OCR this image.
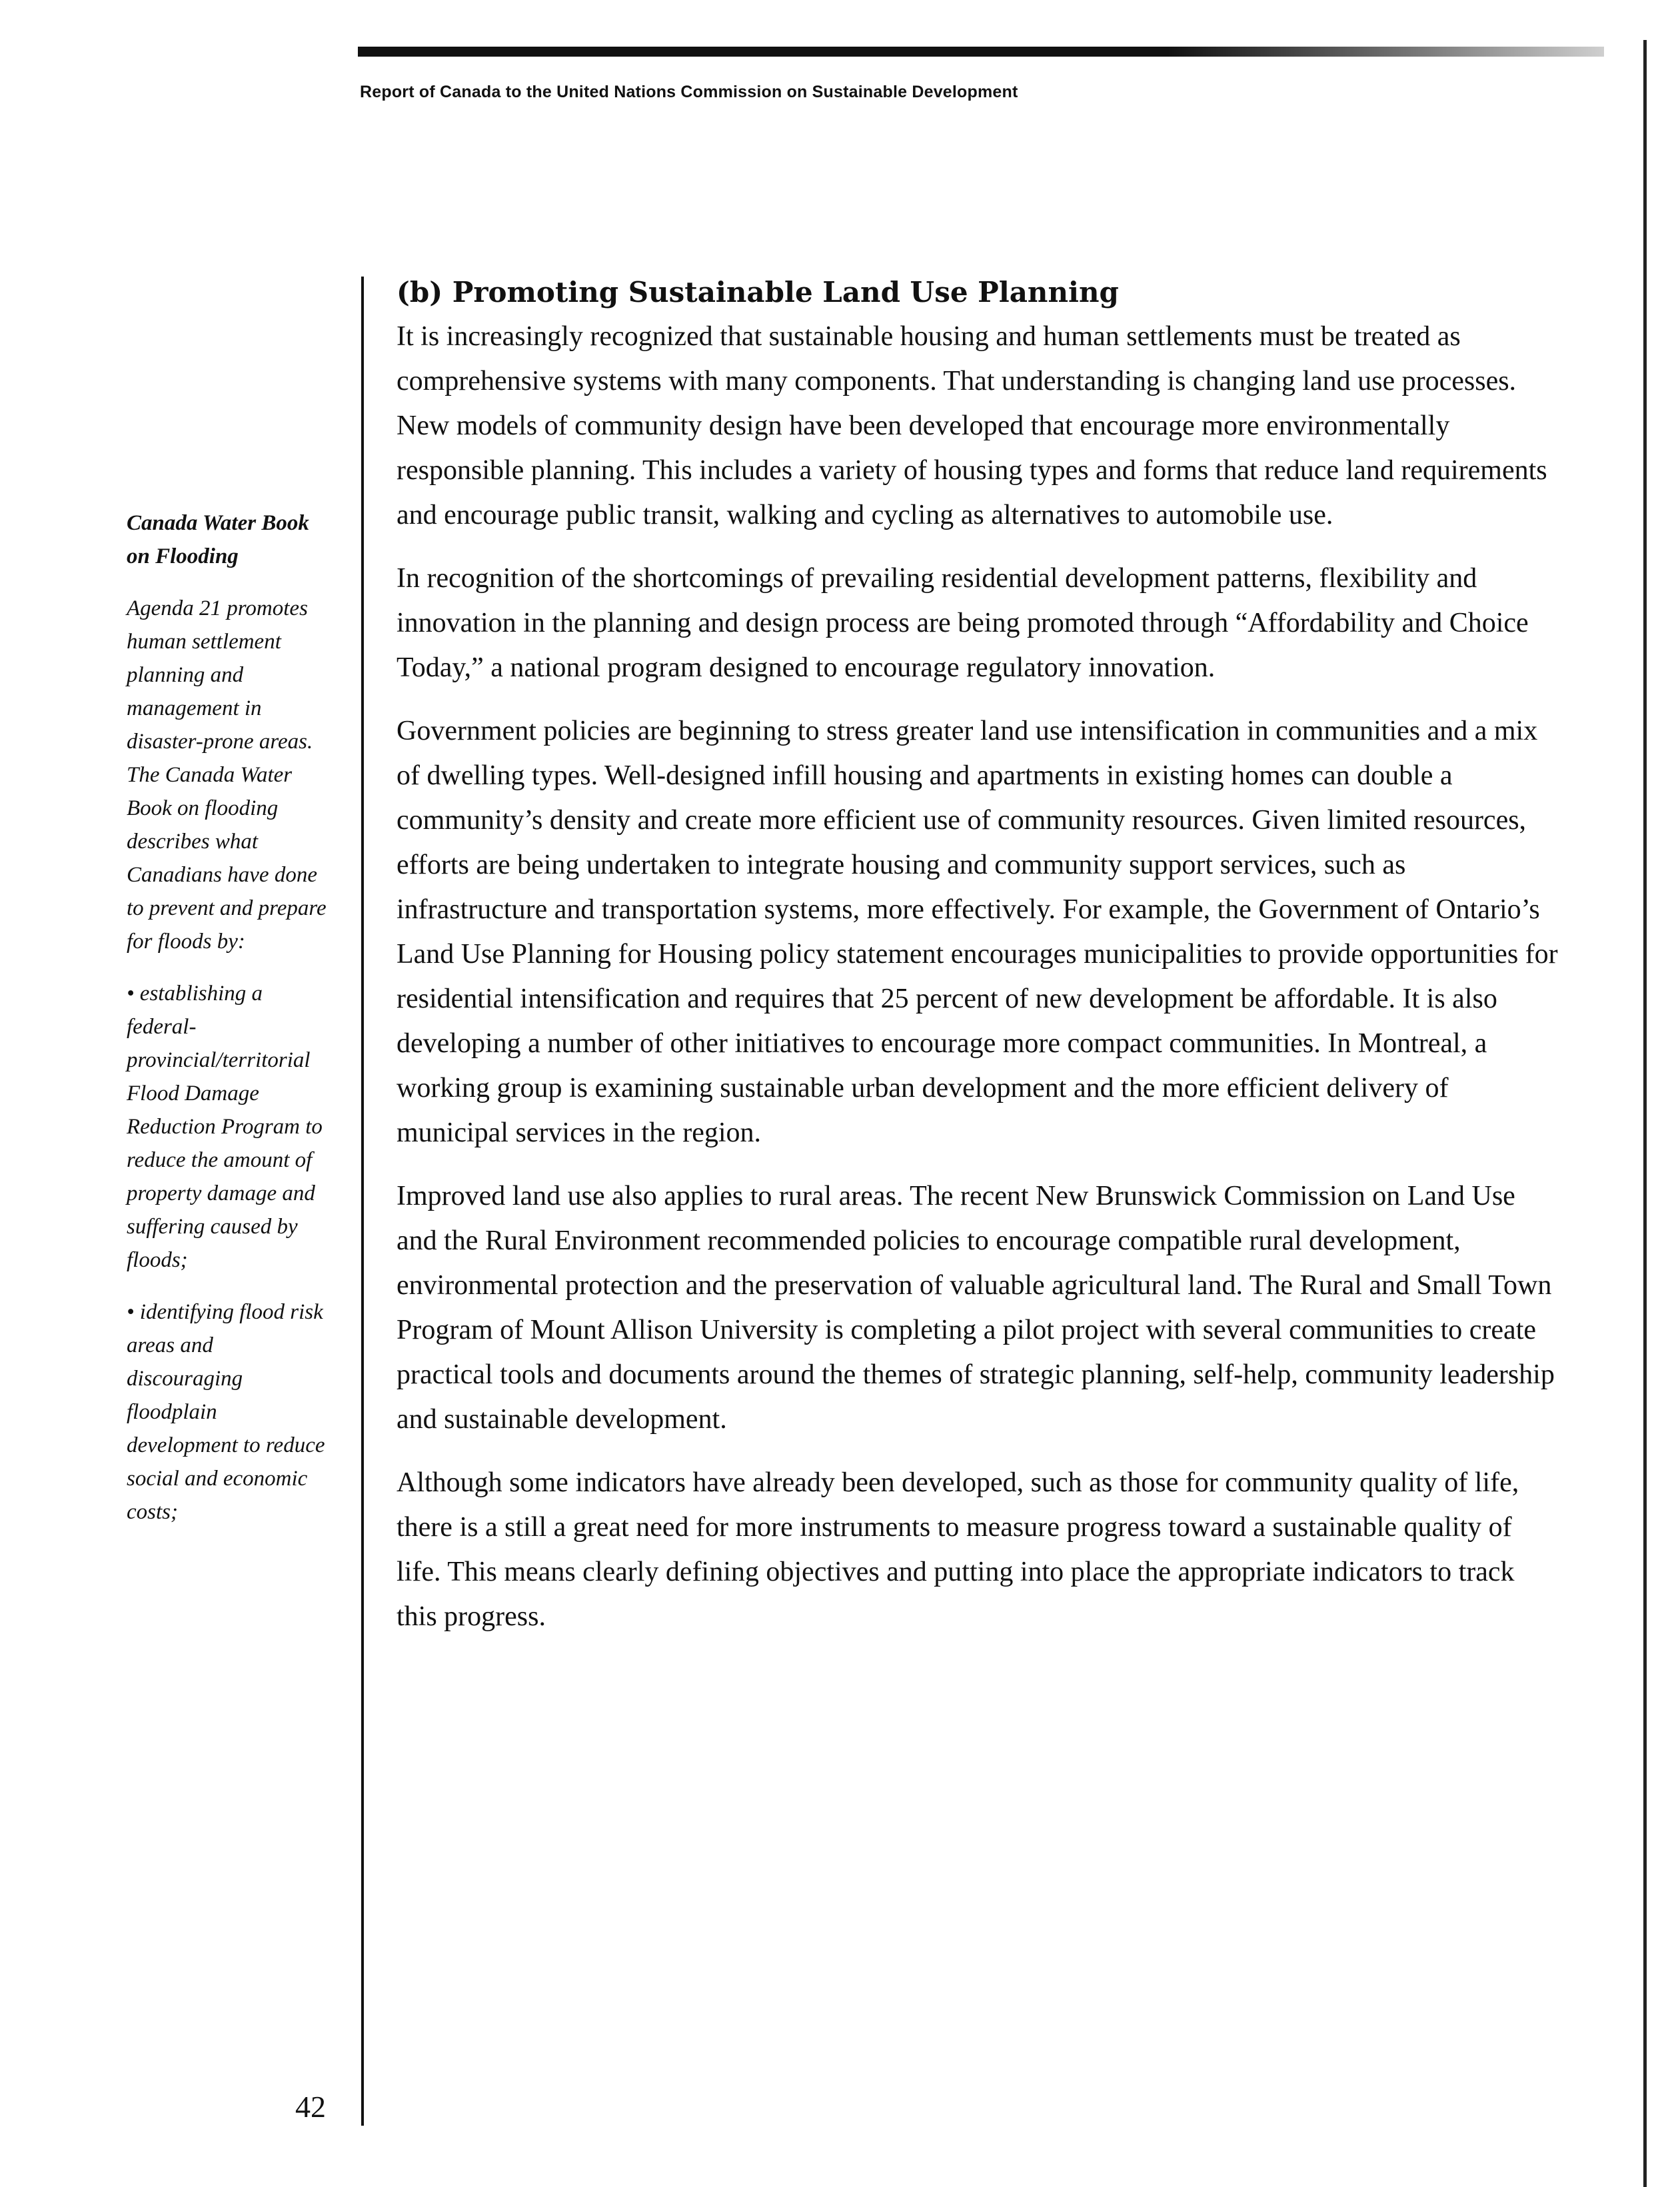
Report of Canada to the United Nations Commission on Sustainable Development

Canada Water Book on Flooding

Agenda 21 promotes human settlement planning and management in disaster-prone areas. The Canada Water Book on flooding describes what Canadians have done to prevent and prepare for floods by:

• establishing a federal-provincial/territorial Flood Damage Reduction Program to reduce the amount of property damage and suffering caused by floods;

• identifying flood risk areas and discouraging floodplain development to reduce social and economic costs;

(b) Promoting Sustainable Land Use Planning

It is increasingly recognized that sustainable housing and human settlements must be treated as comprehensive systems with many components. That understanding is changing land use processes. New models of community design have been developed that encourage more environmentally responsible planning. This includes a variety of housing types and forms that reduce land requirements and encourage public transit, walking and cycling as alternatives to automobile use.

In recognition of the shortcomings of prevailing residential development patterns, flexibility and innovation in the planning and design process are being promoted through “Affordability and Choice Today,” a national program designed to encourage regulatory innovation.

Government policies are beginning to stress greater land use intensification in communities and a mix of dwelling types. Well-designed infill housing and apartments in existing homes can double a community’s density and create more efficient use of community resources. Given limited resources, efforts are being undertaken to integrate housing and community support services, such as infrastructure and transportation systems, more effectively. For example, the Government of Ontario’s Land Use Planning for Housing policy statement encourages municipalities to provide opportunities for residential intensification and requires that 25 percent of new development be affordable. It is also developing a number of other initiatives to encourage more compact communities. In Montreal, a working group is examining sustainable urban development and the more efficient delivery of municipal services in the region.

Improved land use also applies to rural areas. The recent New Brunswick Commission on Land Use and the Rural Environment recommended policies to encourage compatible rural development, environmental protection and the preservation of valuable agricultural land. The Rural and Small Town Program of Mount Allison University is completing a pilot project with several communities to create practical tools and documents around the themes of strategic planning, self-help, community leadership and sustainable development.

Although some indicators have already been developed, such as those for community quality of life, there is a still a great need for more instruments to measure progress toward a sustainable quality of life. This means clearly defining objectives and putting into place the appropriate indicators to track this progress.

42
